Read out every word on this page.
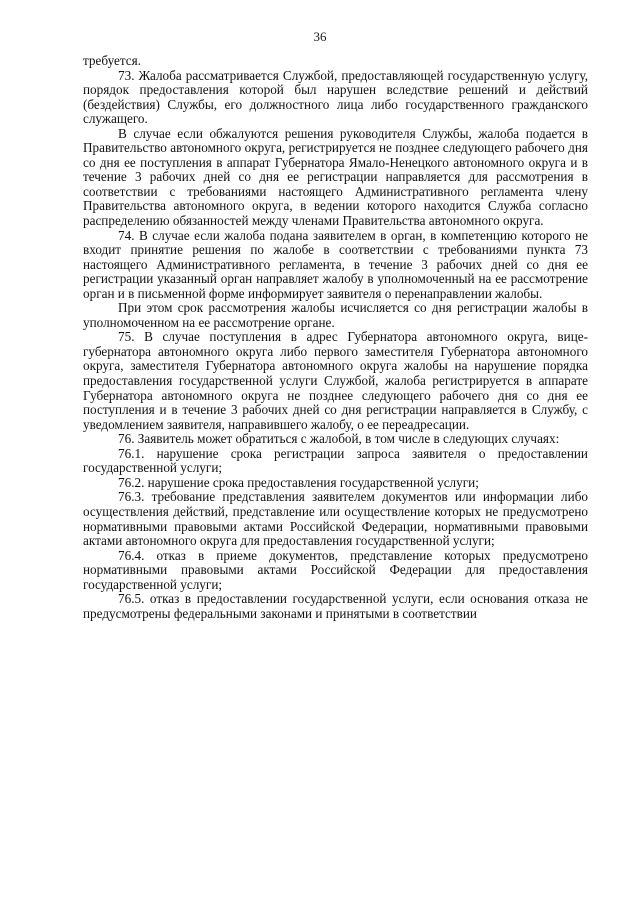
36

требуется.

73. Жалоба рассматривается Службой, предоставляющей государственную услугу, порядок предоставления которой был нарушен вследствие решений и действий (бездействия) Службы, его должностного лица либо государственного гражданского служащего.

В случае если обжалуются решения руководителя Службы, жалоба подается в Правительство автономного округа, регистрируется не позднее следующего рабочего дня со дня ее поступления в аппарат Губернатора Ямало-Ненецкого автономного округа и в течение 3 рабочих дней со дня ее регистрации направляется для рассмотрения в соответствии с требованиями настоящего Административного регламента члену Правительства автономного округа, в ведении которого находится Служба согласно распределению обязанностей между членами Правительства автономного округа.

74. В случае если жалоба подана заявителем в орган, в компетенцию которого не входит принятие решения по жалобе в соответствии с требованиями пункта 73 настоящего Административного регламента, в течение 3 рабочих дней со дня ее регистрации указанный орган направляет жалобу в уполномоченный на ее рассмотрение орган и в письменной форме информирует заявителя о перенаправлении жалобы.

При этом срок рассмотрения жалобы исчисляется со дня регистрации жалобы в уполномоченном на ее рассмотрение органе.

75. В случае поступления в адрес Губернатора автономного округа, вице-губернатора автономного округа либо первого заместителя Губернатора автономного округа, заместителя Губернатора автономного округа жалобы на нарушение порядка предоставления государственной услуги Службой, жалоба регистрируется в аппарате Губернатора автономного округа не позднее следующего рабочего дня со дня ее поступления и в течение 3 рабочих дней со дня регистрации направляется в Службу, с уведомлением заявителя, направившего жалобу, о ее переадресации.

76. Заявитель может обратиться с жалобой, в том числе в следующих случаях:

76.1. нарушение срока регистрации запроса заявителя о предоставлении государственной услуги;

76.2. нарушение срока предоставления государственной услуги;

76.3. требование представления заявителем документов или информации либо осуществления действий, представление или осуществление которых не предусмотрено нормативными правовыми актами Российской Федерации, нормативными правовыми актами автономного округа для предоставления государственной услуги;

76.4. отказ в приеме документов, представление которых предусмотрено нормативными правовыми актами Российской Федерации для предоставления государственной услуги;

76.5. отказ в предоставлении государственной услуги, если основания отказа не предусмотрены федеральными законами и принятыми в соответствии
